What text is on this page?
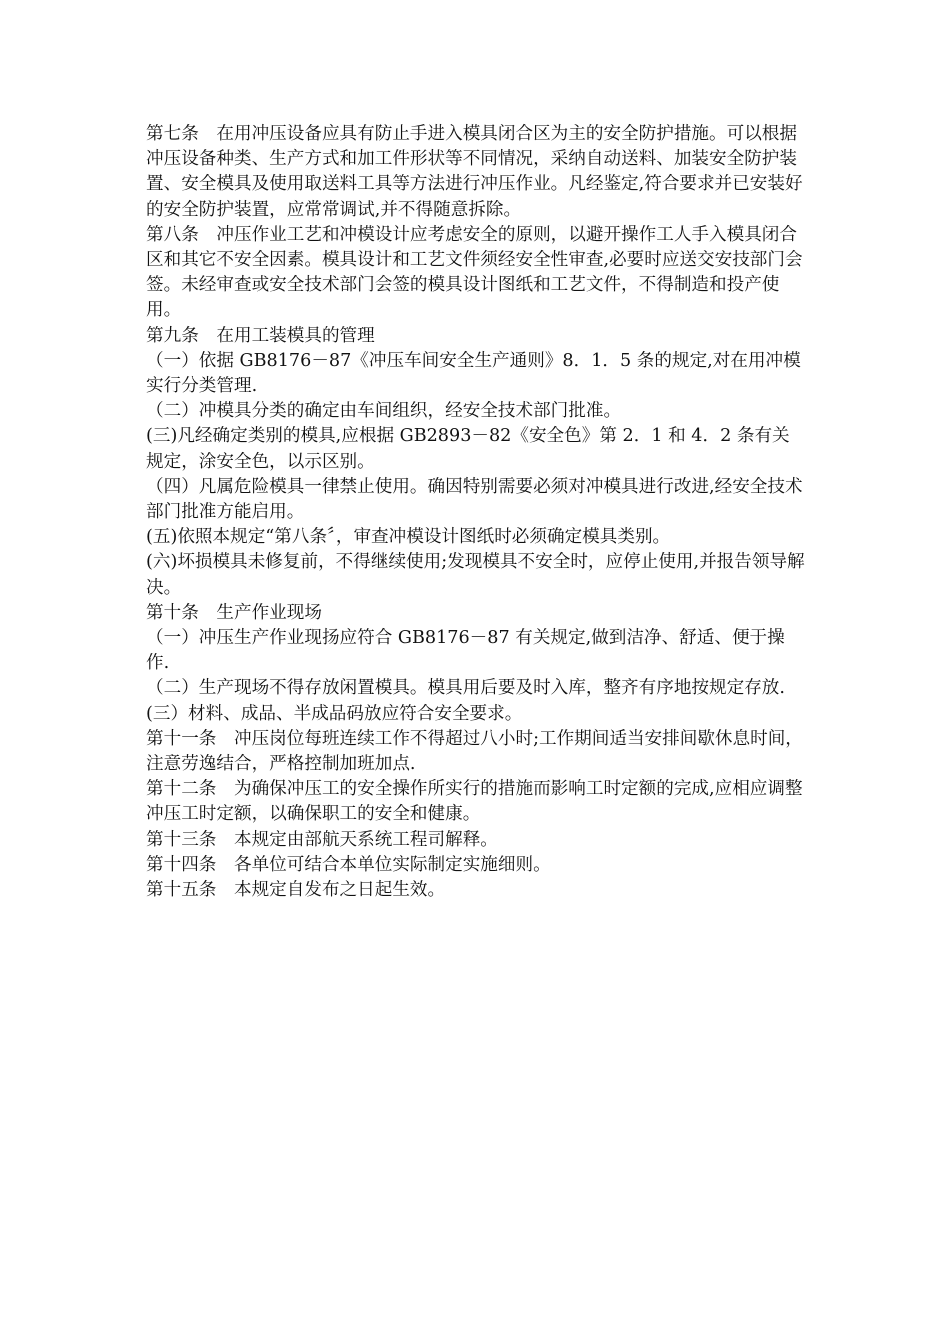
第七条　在用冲压设备应具有防止手进入模具闭合区为主的安全防护措施。可以根据冲压设备种类、生产方式和加工件形状等不同情况，采纳自动送料、加装安全防护装置、安全模具及使用取送料工具等方法进行冲压作业。凡经鉴定,符合要求并已安装好的安全防护装置，应常常调试,并不得随意拆除。

第八条　冲压作业工艺和冲模设计应考虑安全的原则，以避开操作工人手入模具闭合区和其它不安全因素。模具设计和工艺文件须经安全性审查,必要时应送交安技部门会签。未经审查或安全技术部门会签的模具设计图纸和工艺文件，不得制造和投产使用。

第九条　在用工装模具的管理

（一）依据 GB8176－87《冲压车间安全生产通则》8．1．5 条的规定,对在用冲模实行分类管理.

（二）冲模具分类的确定由车间组织，经安全技术部门批准。

(三)凡经确定类别的模具,应根据 GB2893－82《安全色》第 2．1 和 4．2 条有关规定，涂安全色，以示区别。

（四）凡属危险模具一律禁止使用。确因特别需要必须对冲模具进行改进,经安全技术部门批准方能启用。

(五)依照本规定“第八条〞，审查冲模设计图纸时必须确定模具类别。

(六)坏损模具未修复前，不得继续使用;发现模具不安全时，应停止使用,并报告领导解决。

第十条　生产作业现场

（一）冲压生产作业现扬应符合 GB8176－87 有关规定,做到洁净、舒适、便于操作.

（二）生产现场不得存放闲置模具。模具用后要及时入库，整齐有序地按规定存放.

(三）材料、成品、半成品码放应符合安全要求。

第十一条　冲压岗位每班连续工作不得超过八小时;工作期间适当安排间歇休息时间，注意劳逸结合，严格控制加班加点.

第十二条　为确保冲压工的安全操作所实行的措施而影响工时定额的完成,应相应调整冲压工时定额，以确保职工的安全和健康。

第十三条　本规定由部航天系统工程司解释。

第十四条　各单位可结合本单位实际制定实施细则。

第十五条　本规定自发布之日起生效。
